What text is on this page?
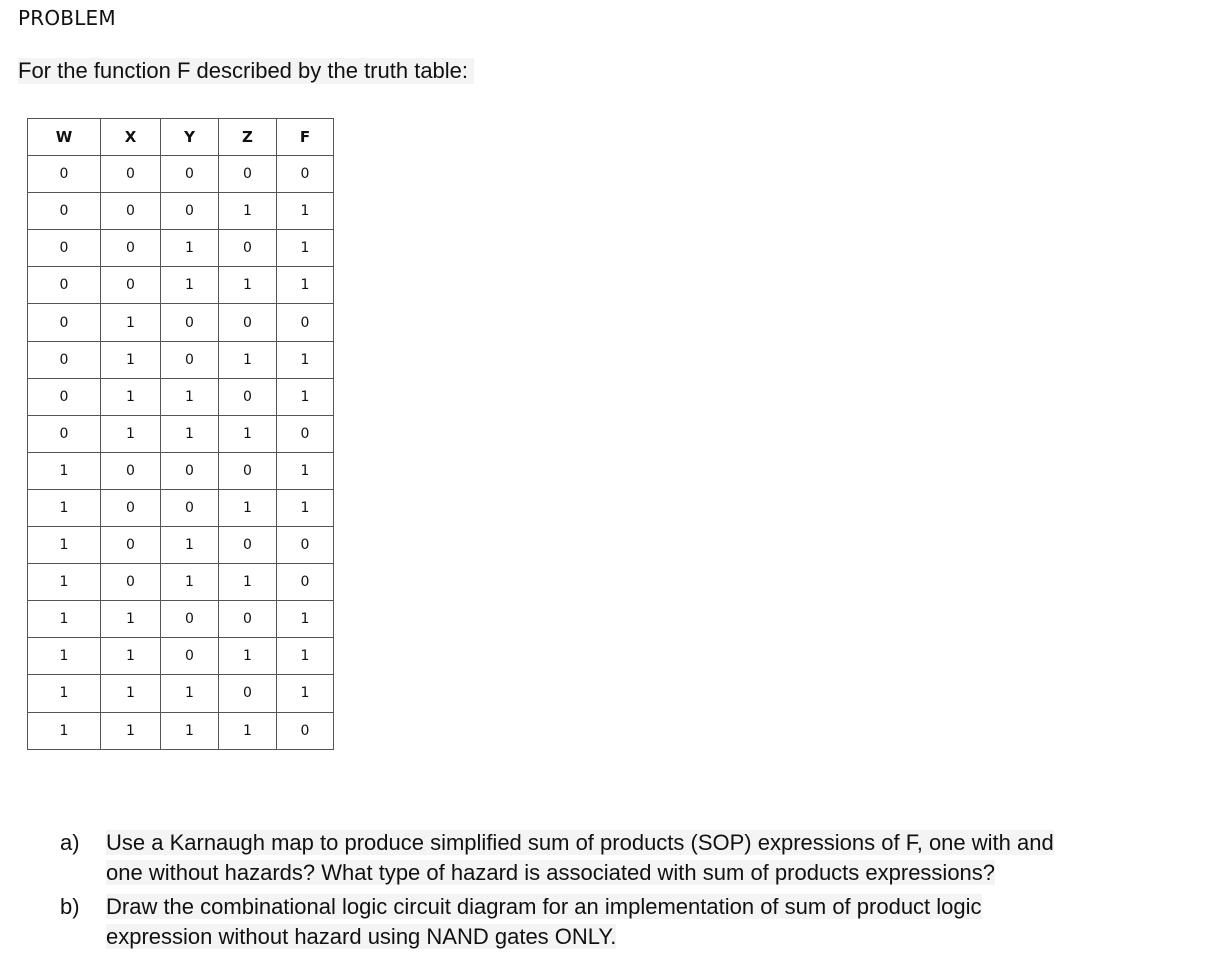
PROBLEM
For the function F described by the truth table:
W	X	Y	Z	F
0	0	0	0	0
0	0	0	1	1
0	0	1	0	1
0	0	1	1	1
0	1	0	0	0
0	1	0	1	1
0	1	1	0	1
0	1	1	1	0
1	0	0	0	1
1	0	0	1	1
1	0	1	0	0
1	0	1	1	0
1	1	0	0	1
1	1	0	1	1
1	1	1	0	1
1	1	1	1	0
a)	Use a Karnaugh map to produce simplified sum of products (SOP) expressions of F, one with and
one without hazards? What type of hazard is associated with sum of products expressions?
b)	Draw the combinational logic circuit diagram for an implementation of sum of product logic
expression without hazard using NAND gates ONLY.
